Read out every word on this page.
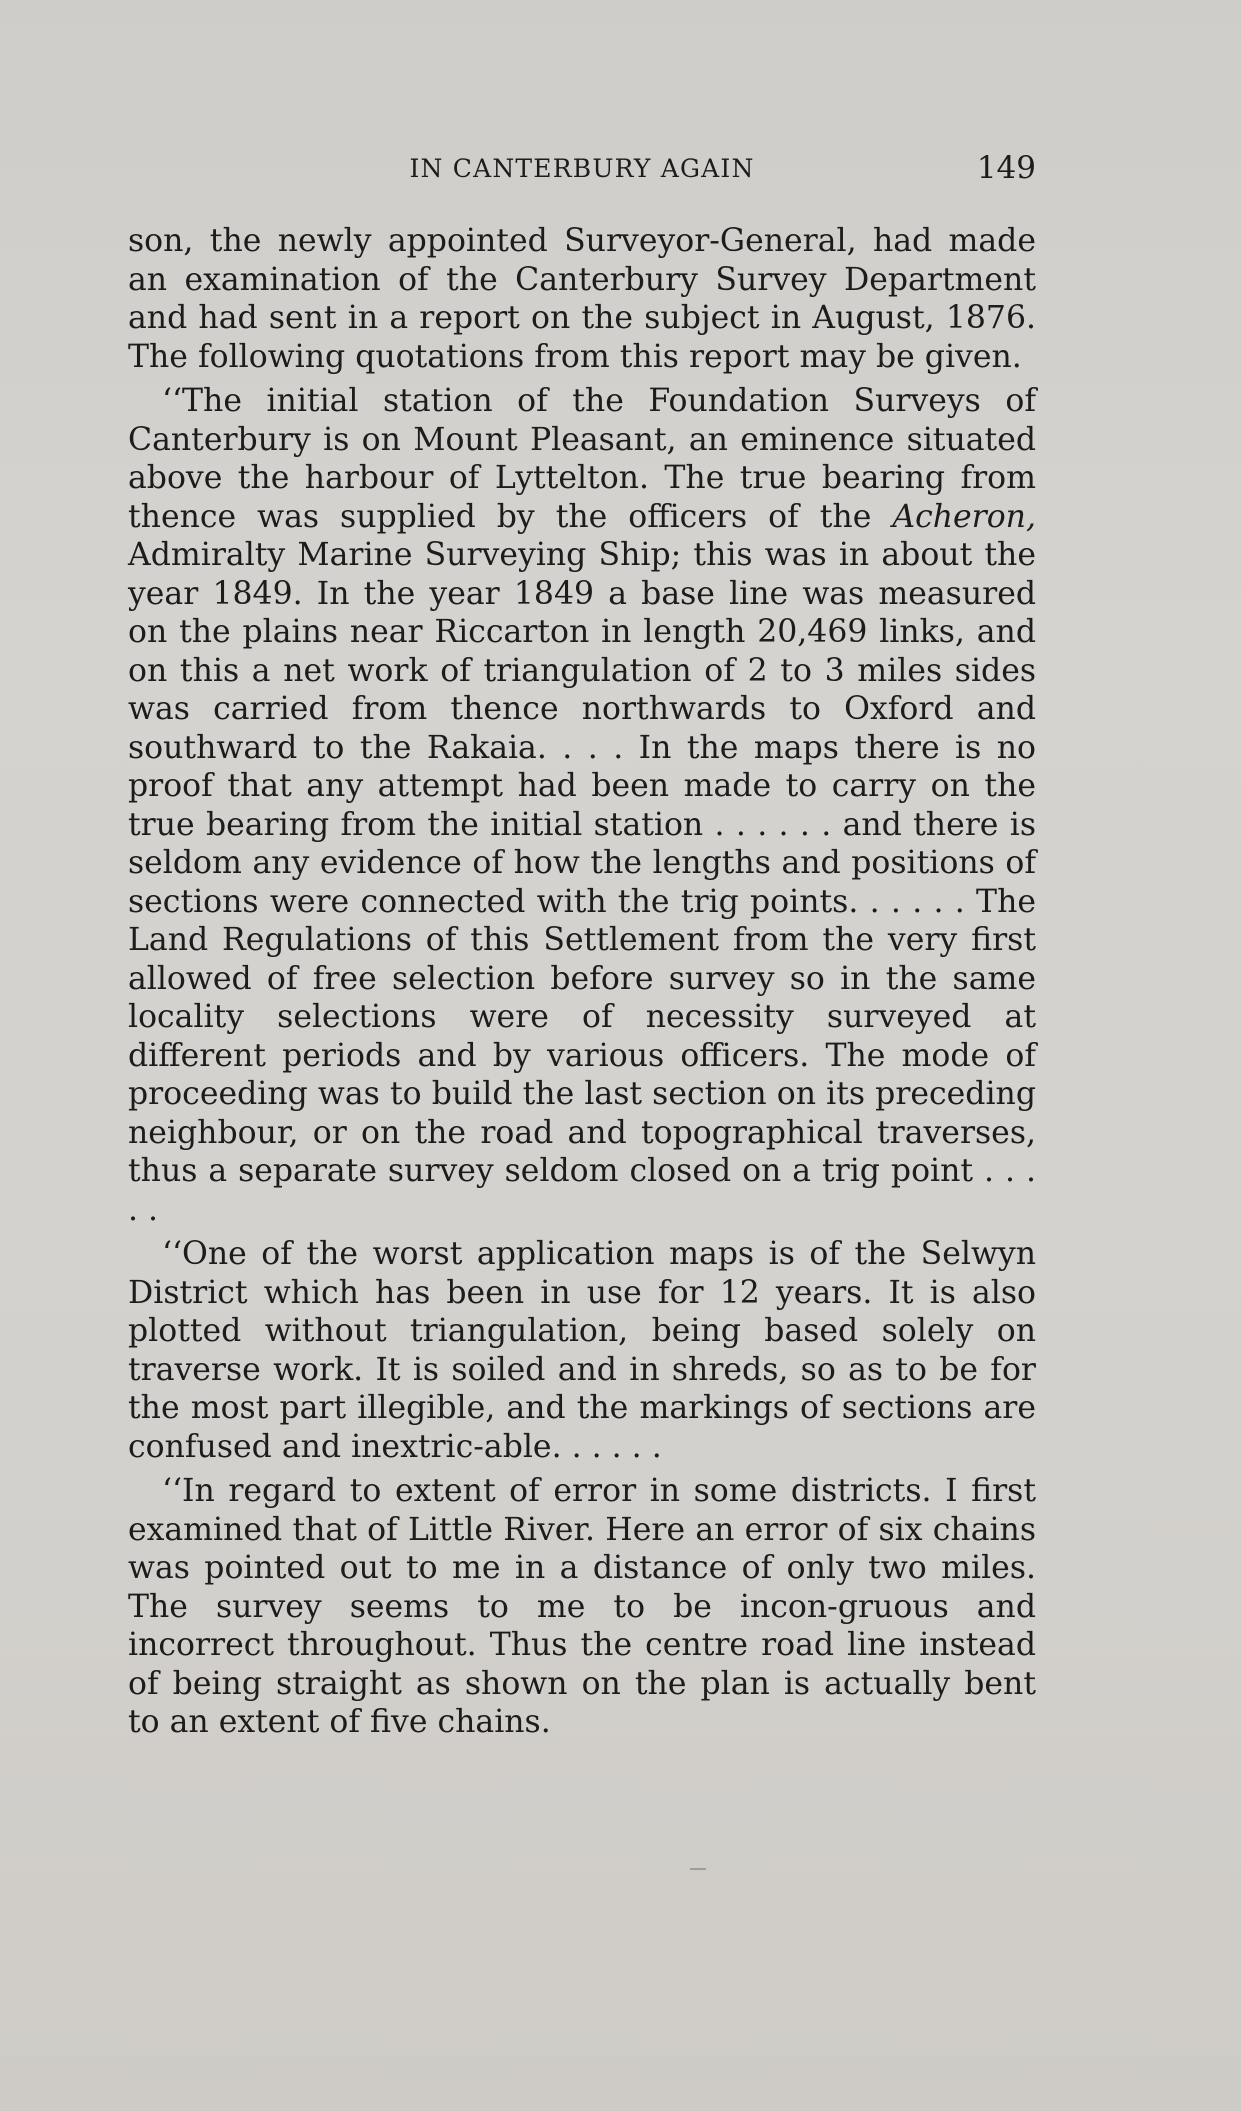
IN CANTERBURY AGAIN	149

son, the newly appointed Surveyor-General, had made an examination of the Canterbury Survey Department and had sent in a report on the subject in August, 1876. The following quotations from this report may be given.

‘‘The initial station of the Foundation Surveys of Canterbury is on Mount Pleasant, an eminence situated above the harbour of Lyttelton. The true bearing from thence was supplied by the officers of the Acheron, Admiralty Marine Surveying Ship; this was in about the year 1849. In the year 1849 a base line was measured on the plains near Riccarton in length 20,469 links, and on this a net work of triangulation of 2 to 3 miles sides was carried from thence northwards to Oxford and southward to the Rakaia. . . . In the maps there is no proof that any attempt had been made to carry on the true bearing from the initial station . . . . . . and there is seldom any evidence of how the lengths and positions of sections were connected with the trig points. . . . . . The Land Regulations of this Settlement from the very first allowed of free selection before survey so in the same locality selections were of necessity surveyed at different periods and by various officers. The mode of proceeding was to build the last section on its preceding neighbour, or on the road and topographical traverses, thus a separate survey seldom closed on a trig point . . . . .

‘‘One of the worst application maps is of the Selwyn District which has been in use for 12 years. It is also plotted without triangulation, being based solely on traverse work. It is soiled and in shreds, so as to be for the most part illegible, and the markings of sections are confused and inextric-able. . . . . .

‘‘In regard to extent of error in some districts. I first examined that of Little River. Here an error of six chains was pointed out to me in a distance of only two miles. The survey seems to me to be incon-gruous and incorrect throughout. Thus the centre road line instead of being straight as shown on the plan is actually bent to an extent of five chains.
